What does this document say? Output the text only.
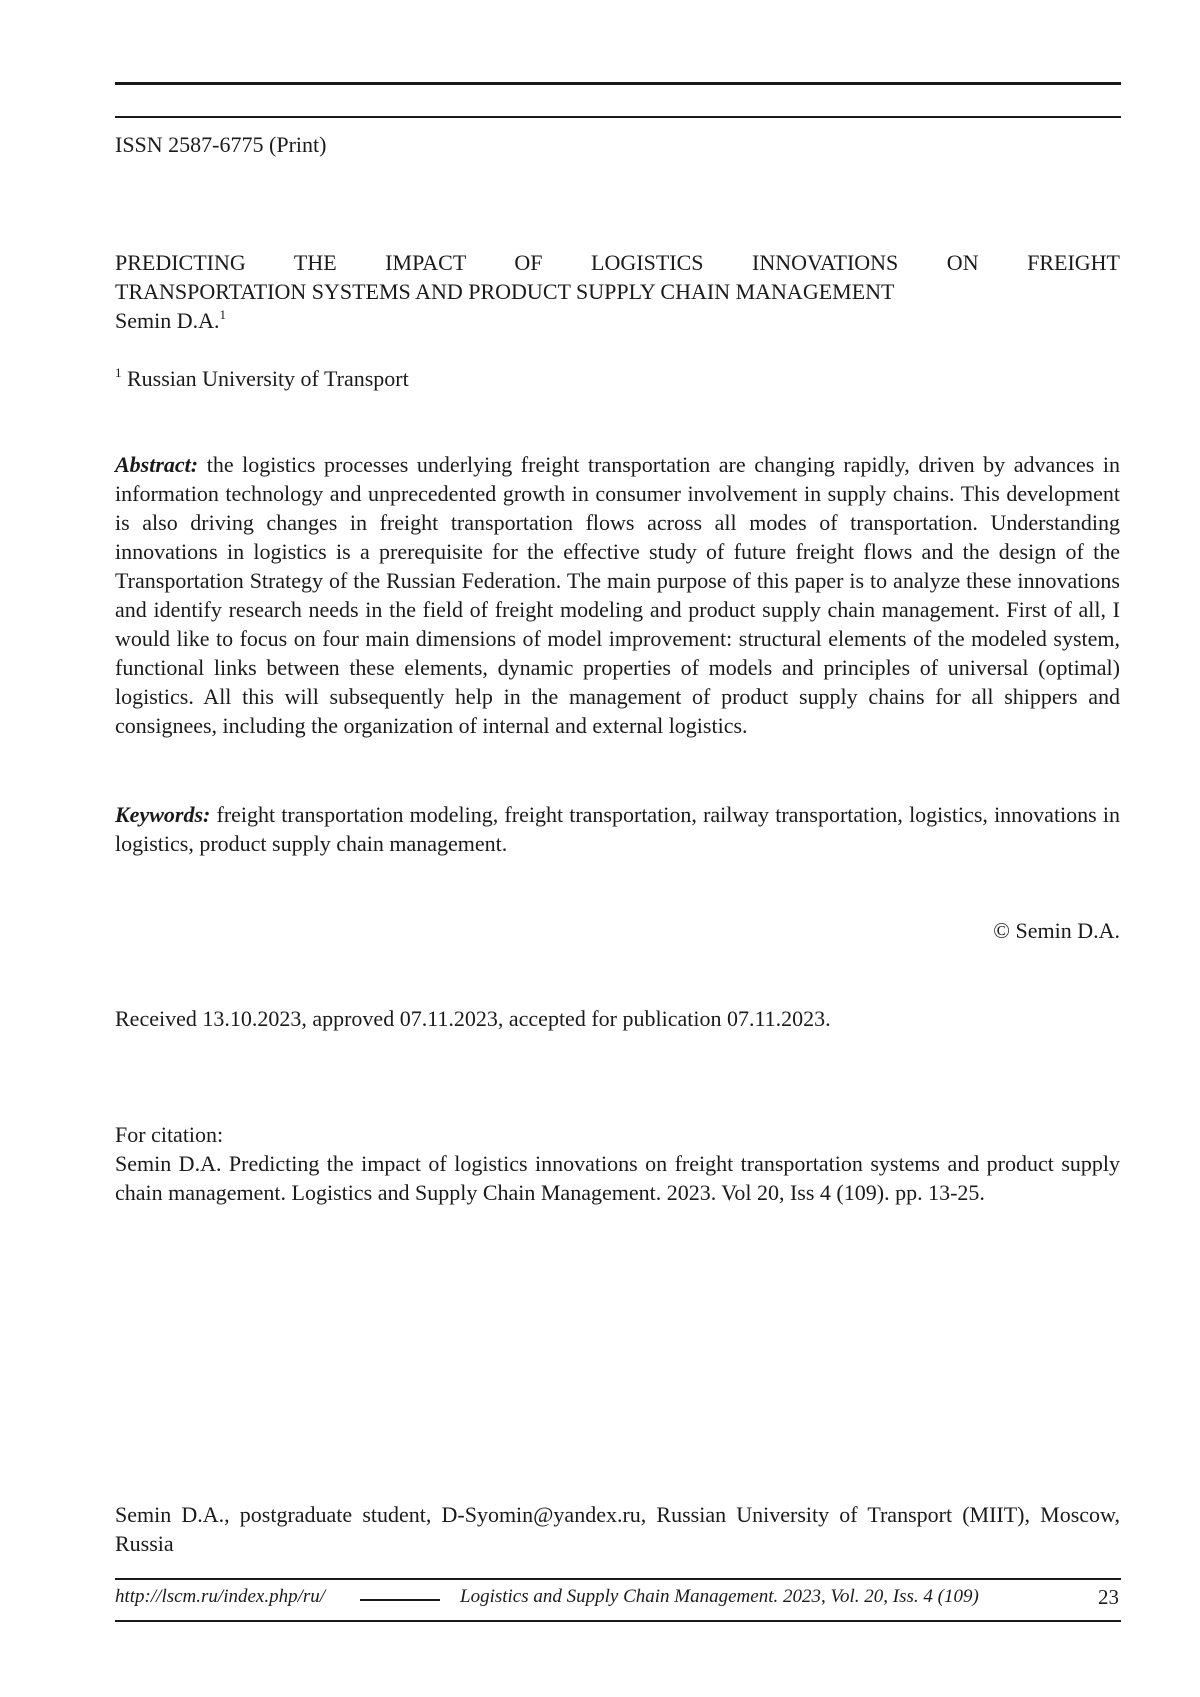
ISSN 2587-6775 (Print)
PREDICTING THE IMPACT OF LOGISTICS INNOVATIONS ON FREIGHT
TRANSPORTATION SYSTEMS AND PRODUCT SUPPLY CHAIN MANAGEMENT
Semin D.A.$^1$
$^1$ Russian University of Transport
Abstract: the logistics processes underlying freight transportation are changing rapidly, driven by advances in information technology and unprecedented growth in consumer involvement in supply chains. This development is also driving changes in freight transportation flows across all modes of transportation. Understanding innovations in logistics is a prerequisite for the effective study of future freight flows and the design of the Transportation Strategy of the Russian Federation. The main purpose of this paper is to analyze these innovations and identify research needs in the field of freight modeling and product supply chain management. First of all, I would like to focus on four main dimensions of model improvement: structural elements of the modeled system, functional links between these elements, dynamic properties of models and principles of universal (optimal) logistics. All this will subsequently help in the management of product supply chains for all shippers and consignees, including the organization of internal and external logistics.
Keywords: freight transportation modeling, freight transportation, railway transportation, logistics, innovations in logistics, product supply chain management.
© Semin D.A.
Received 13.10.2023, approved 07.11.2023, accepted for publication 07.11.2023.
For citation:
Semin D.A. Predicting the impact of logistics innovations on freight transportation systems and product supply chain management. Logistics and Supply Chain Management. 2023. Vol 20, Iss 4 (109). pp. 13-25.
Semin D.A., postgraduate student, D-Syomin@yandex.ru, Russian University of Transport (MIIT), Moscow, Russia
http://lscm.ru/index.php/ru/	Logistics and Supply Chain Management. 2023, Vol. 20, Iss. 4 (109)	23
